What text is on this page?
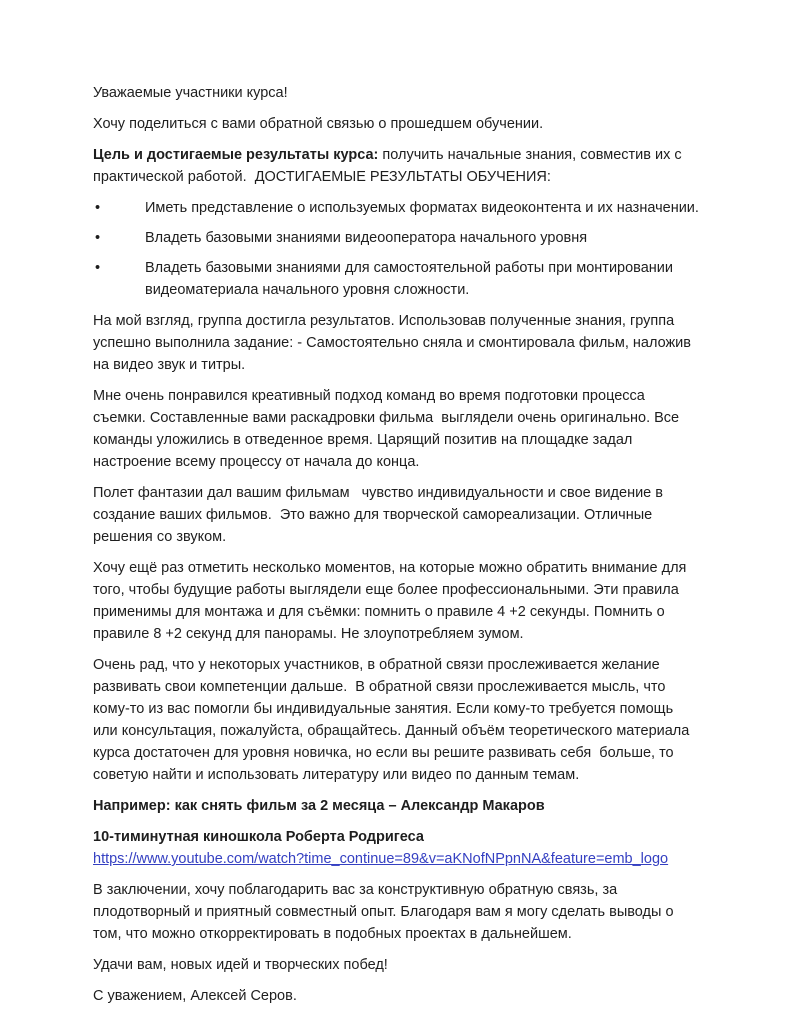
Уважаемые участники курса!

Хочу поделиться с вами обратной связью о прошедшем обучении.

Цель и достигаемые результаты курса: получить начальные знания, совместив их с практической работой.  ДОСТИГАЕМЫЕ РЕЗУЛЬТАТЫ ОБУЧЕНИЯ:

•	Иметь представление о используемых форматах видеоконтента и их назначении.
•	Владеть базовыми знаниями видеооператора начального уровня
•	Владеть базовыми знаниями для самостоятельной работы при монтировании видеоматериала начального уровня сложности.

На мой взгляд, группа достигла результатов. Использовав полученные знания, группа успешно выполнила задание: - Самостоятельно сняла и смонтировала фильм, наложив на видео звук и титры.

Мне очень понравился креативный подход команд во время подготовки процесса съемки. Составленные вами раскадровки фильма  выглядели очень оригинально. Все команды уложились в отведенное время. Царящий позитив на площадке задал настроение всему процессу от начала до конца.

Полет фантазии дал вашим фильмам   чувство индивидуальности и свое видение в создание ваших фильмов.  Это важно для творческой самореализации. Отличные решения со звуком.

Хочу ещё раз отметить несколько моментов, на которые можно обратить внимание для того, чтобы будущие работы выглядели еще более профессиональными. Эти правила применимы для монтажа и для съёмки: помнить о правиле 4 +2 секунды. Помнить о правиле 8 +2 секунд для панорамы. Не злоупотребляем зумом.

Очень рад, что у некоторых участников, в обратной связи прослеживается желание развивать свои компетенции дальше.  В обратной связи прослеживается мысль, что кому-то из вас помогли бы индивидуальные занятия. Если кому-то требуется помощь или консультация, пожалуйста, обращайтесь. Данный объём теоретического материала курса достаточен для уровня новичка, но если вы решите развивать себя  больше, то советую найти и использовать литературу или видео по данным темам.

Например: как снять фильм за 2 месяца – Александр Макаров

10-тиминутная киношкола Роберта Родригеса

https://www.youtube.com/watch?time_continue=89&v=aKNofNPpnNA&feature=emb_logo

В заключении, хочу поблагодарить вас за конструктивную обратную связь, за плодотворный и приятный совместный опыт. Благодаря вам я могу сделать выводы о том, что можно откорректировать в подобных проектах в дальнейшем.

Удачи вам, новых идей и творческих побед!

С уважением, Алексей Серов.
